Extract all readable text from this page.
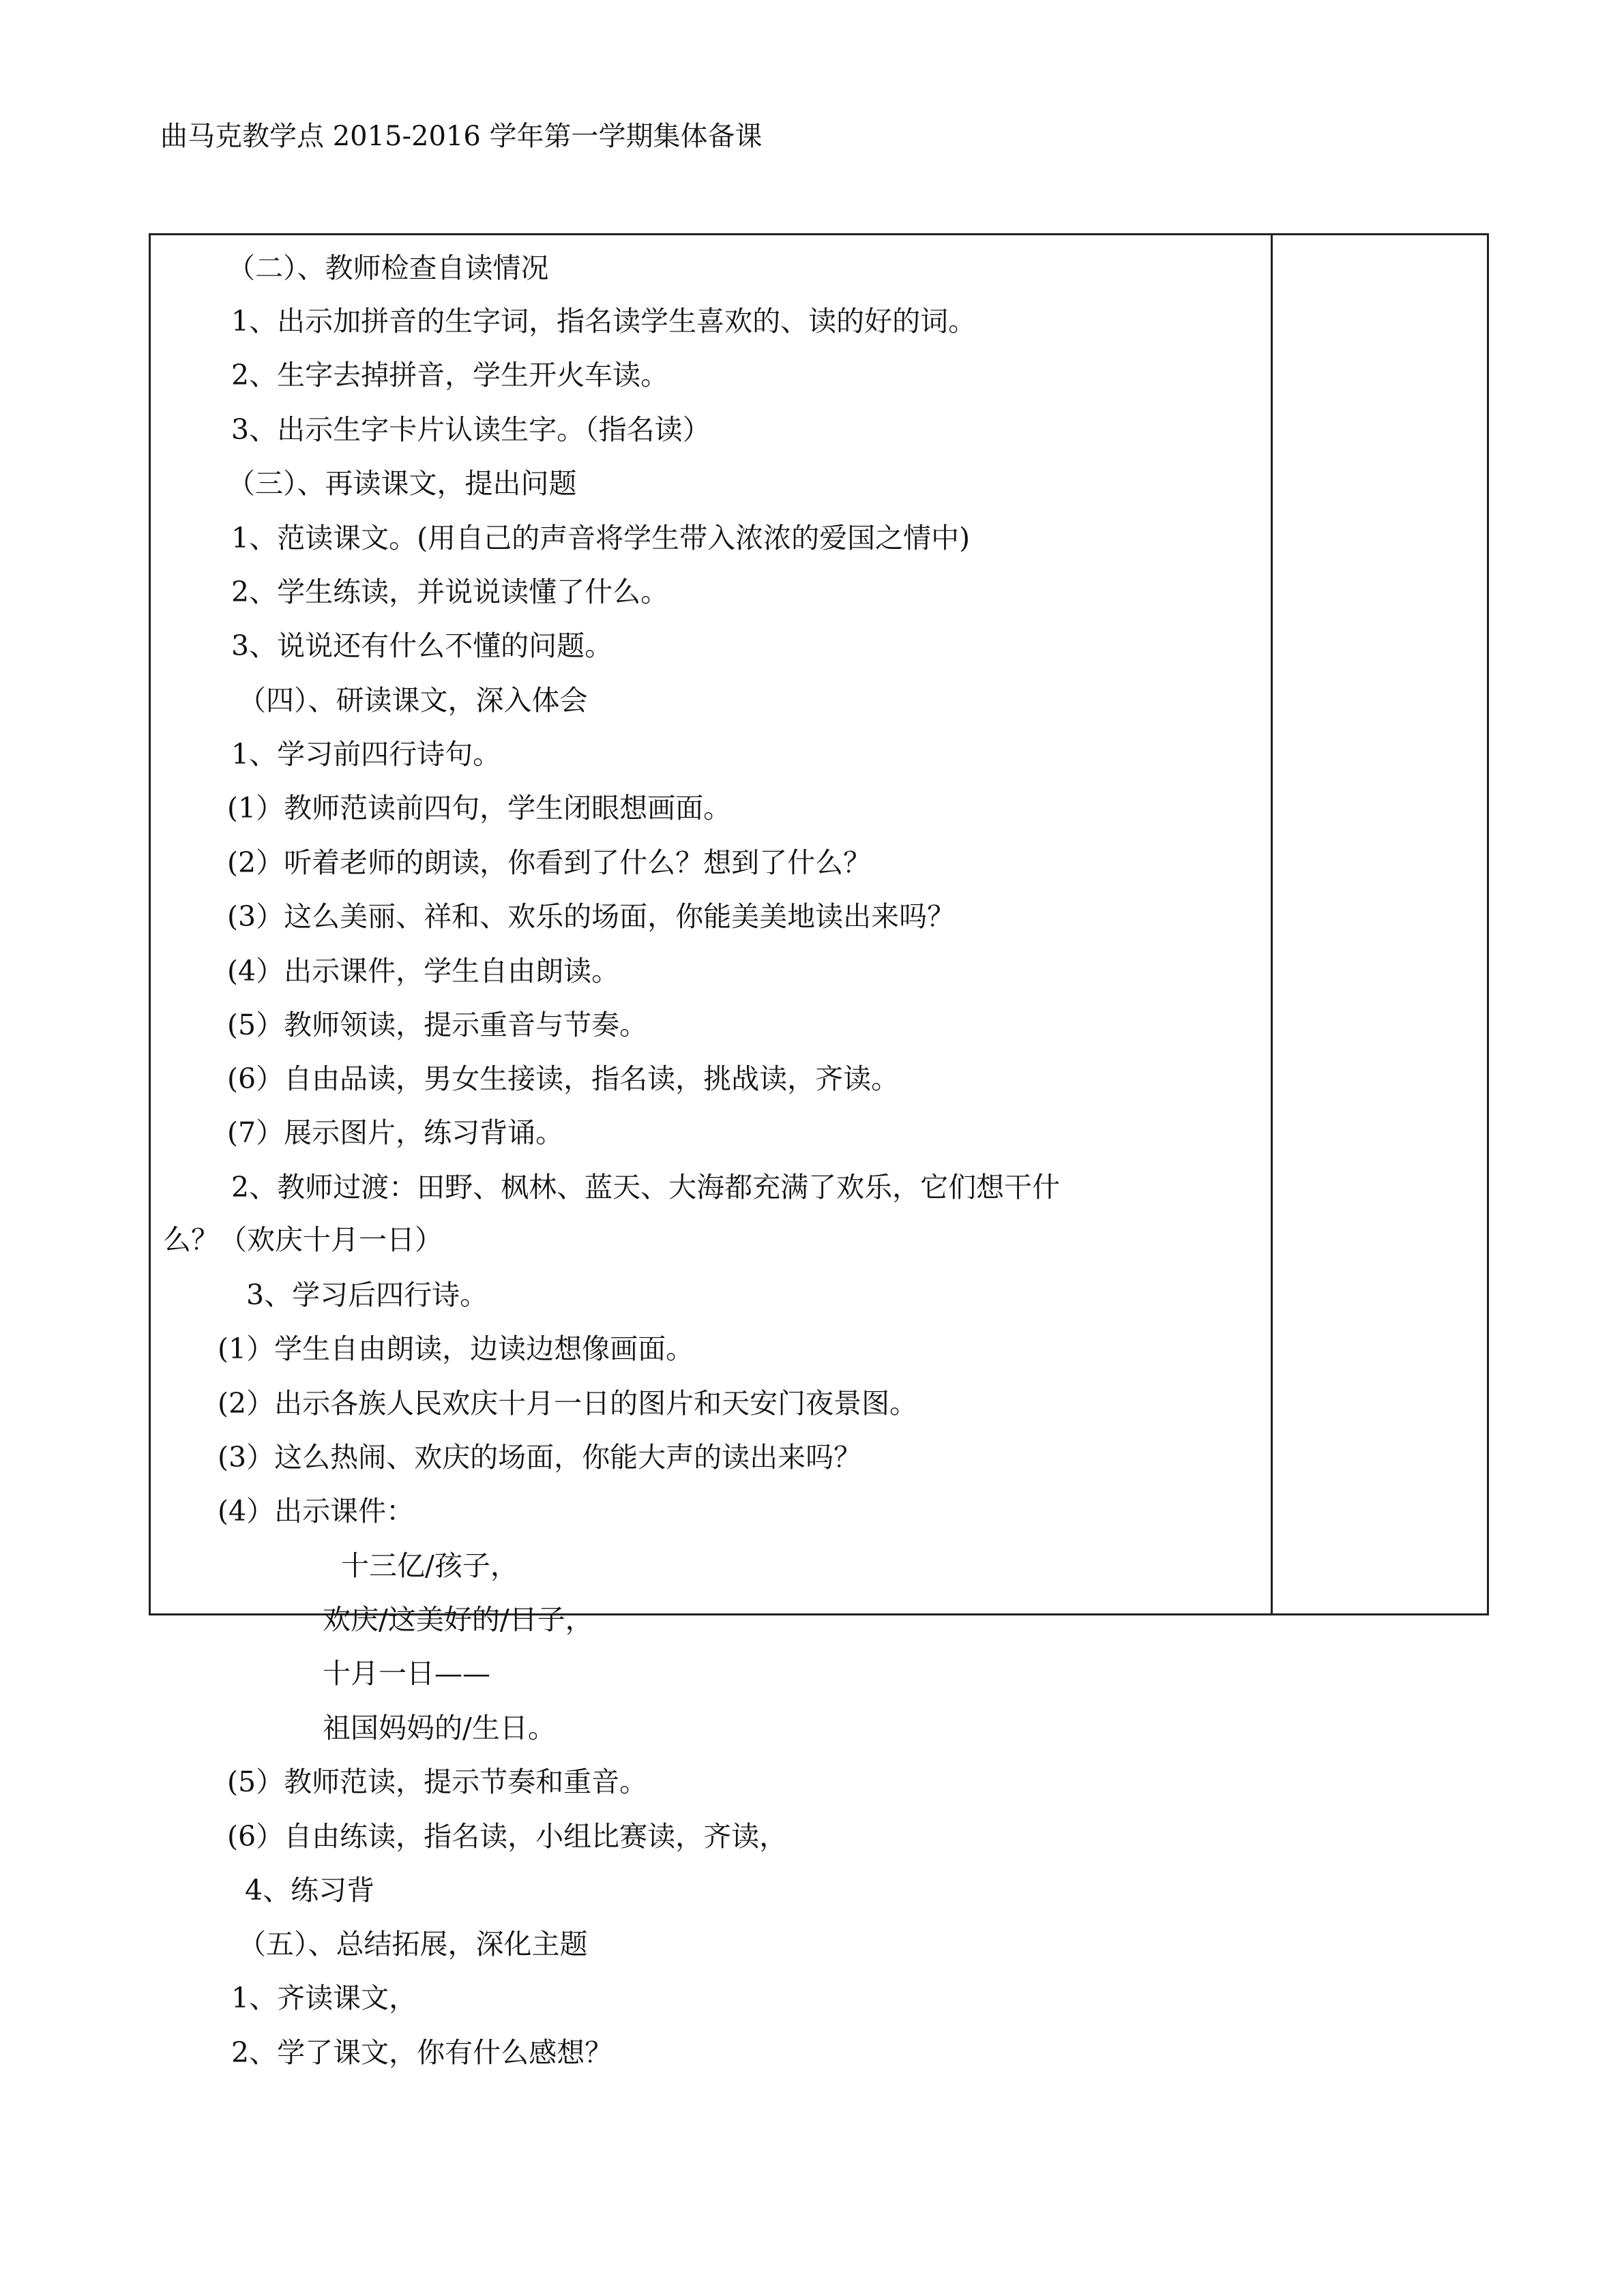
曲马克教学点 2015-2016 学年第一学期集体备课
（二）、教师检查自读情况
1、出示加拼音的生字词，指名读学生喜欢的、读的好的词。
2、生字去掉拼音，学生开火车读。
3、出示生字卡片认读生字。（指名读）
（三）、再读课文，提出问题
1、范读课文。(用自己的声音将学生带入浓浓的爱国之情中)
2、学生练读，并说说读懂了什么。
3、说说还有什么不懂的问题。
（四）、研读课文，深入体会
1、学习前四行诗句。
(1）教师范读前四句，学生闭眼想画面。
(2）听着老师的朗读，你看到了什么？想到了什么？
(3）这么美丽、祥和、欢乐的场面，你能美美地读出来吗？
(4）出示课件，学生自由朗读。
(5）教师领读，提示重音与节奏。
(6）自由品读，男女生接读，指名读，挑战读，齐读。
(7）展示图片，练习背诵。
2、教师过渡：田野、枫林、蓝天、大海都充满了欢乐，它们想干什
么？（欢庆十月一日）
3、学习后四行诗。
(1）学生自由朗读，边读边想像画面。
(2）出示各族人民欢庆十月一日的图片和天安门夜景图。
(3）这么热闹、欢庆的场面，你能大声的读出来吗？
(4）出示课件：
十三亿/孩子，
欢庆/这美好的/日子，
十月一日——
祖国妈妈的/生日。
(5）教师范读，提示节奏和重音。
(6）自由练读，指名读，小组比赛读，齐读，
4、练习背
（五）、总结拓展，深化主题
1、齐读课文，
2、学了课文，你有什么感想？
